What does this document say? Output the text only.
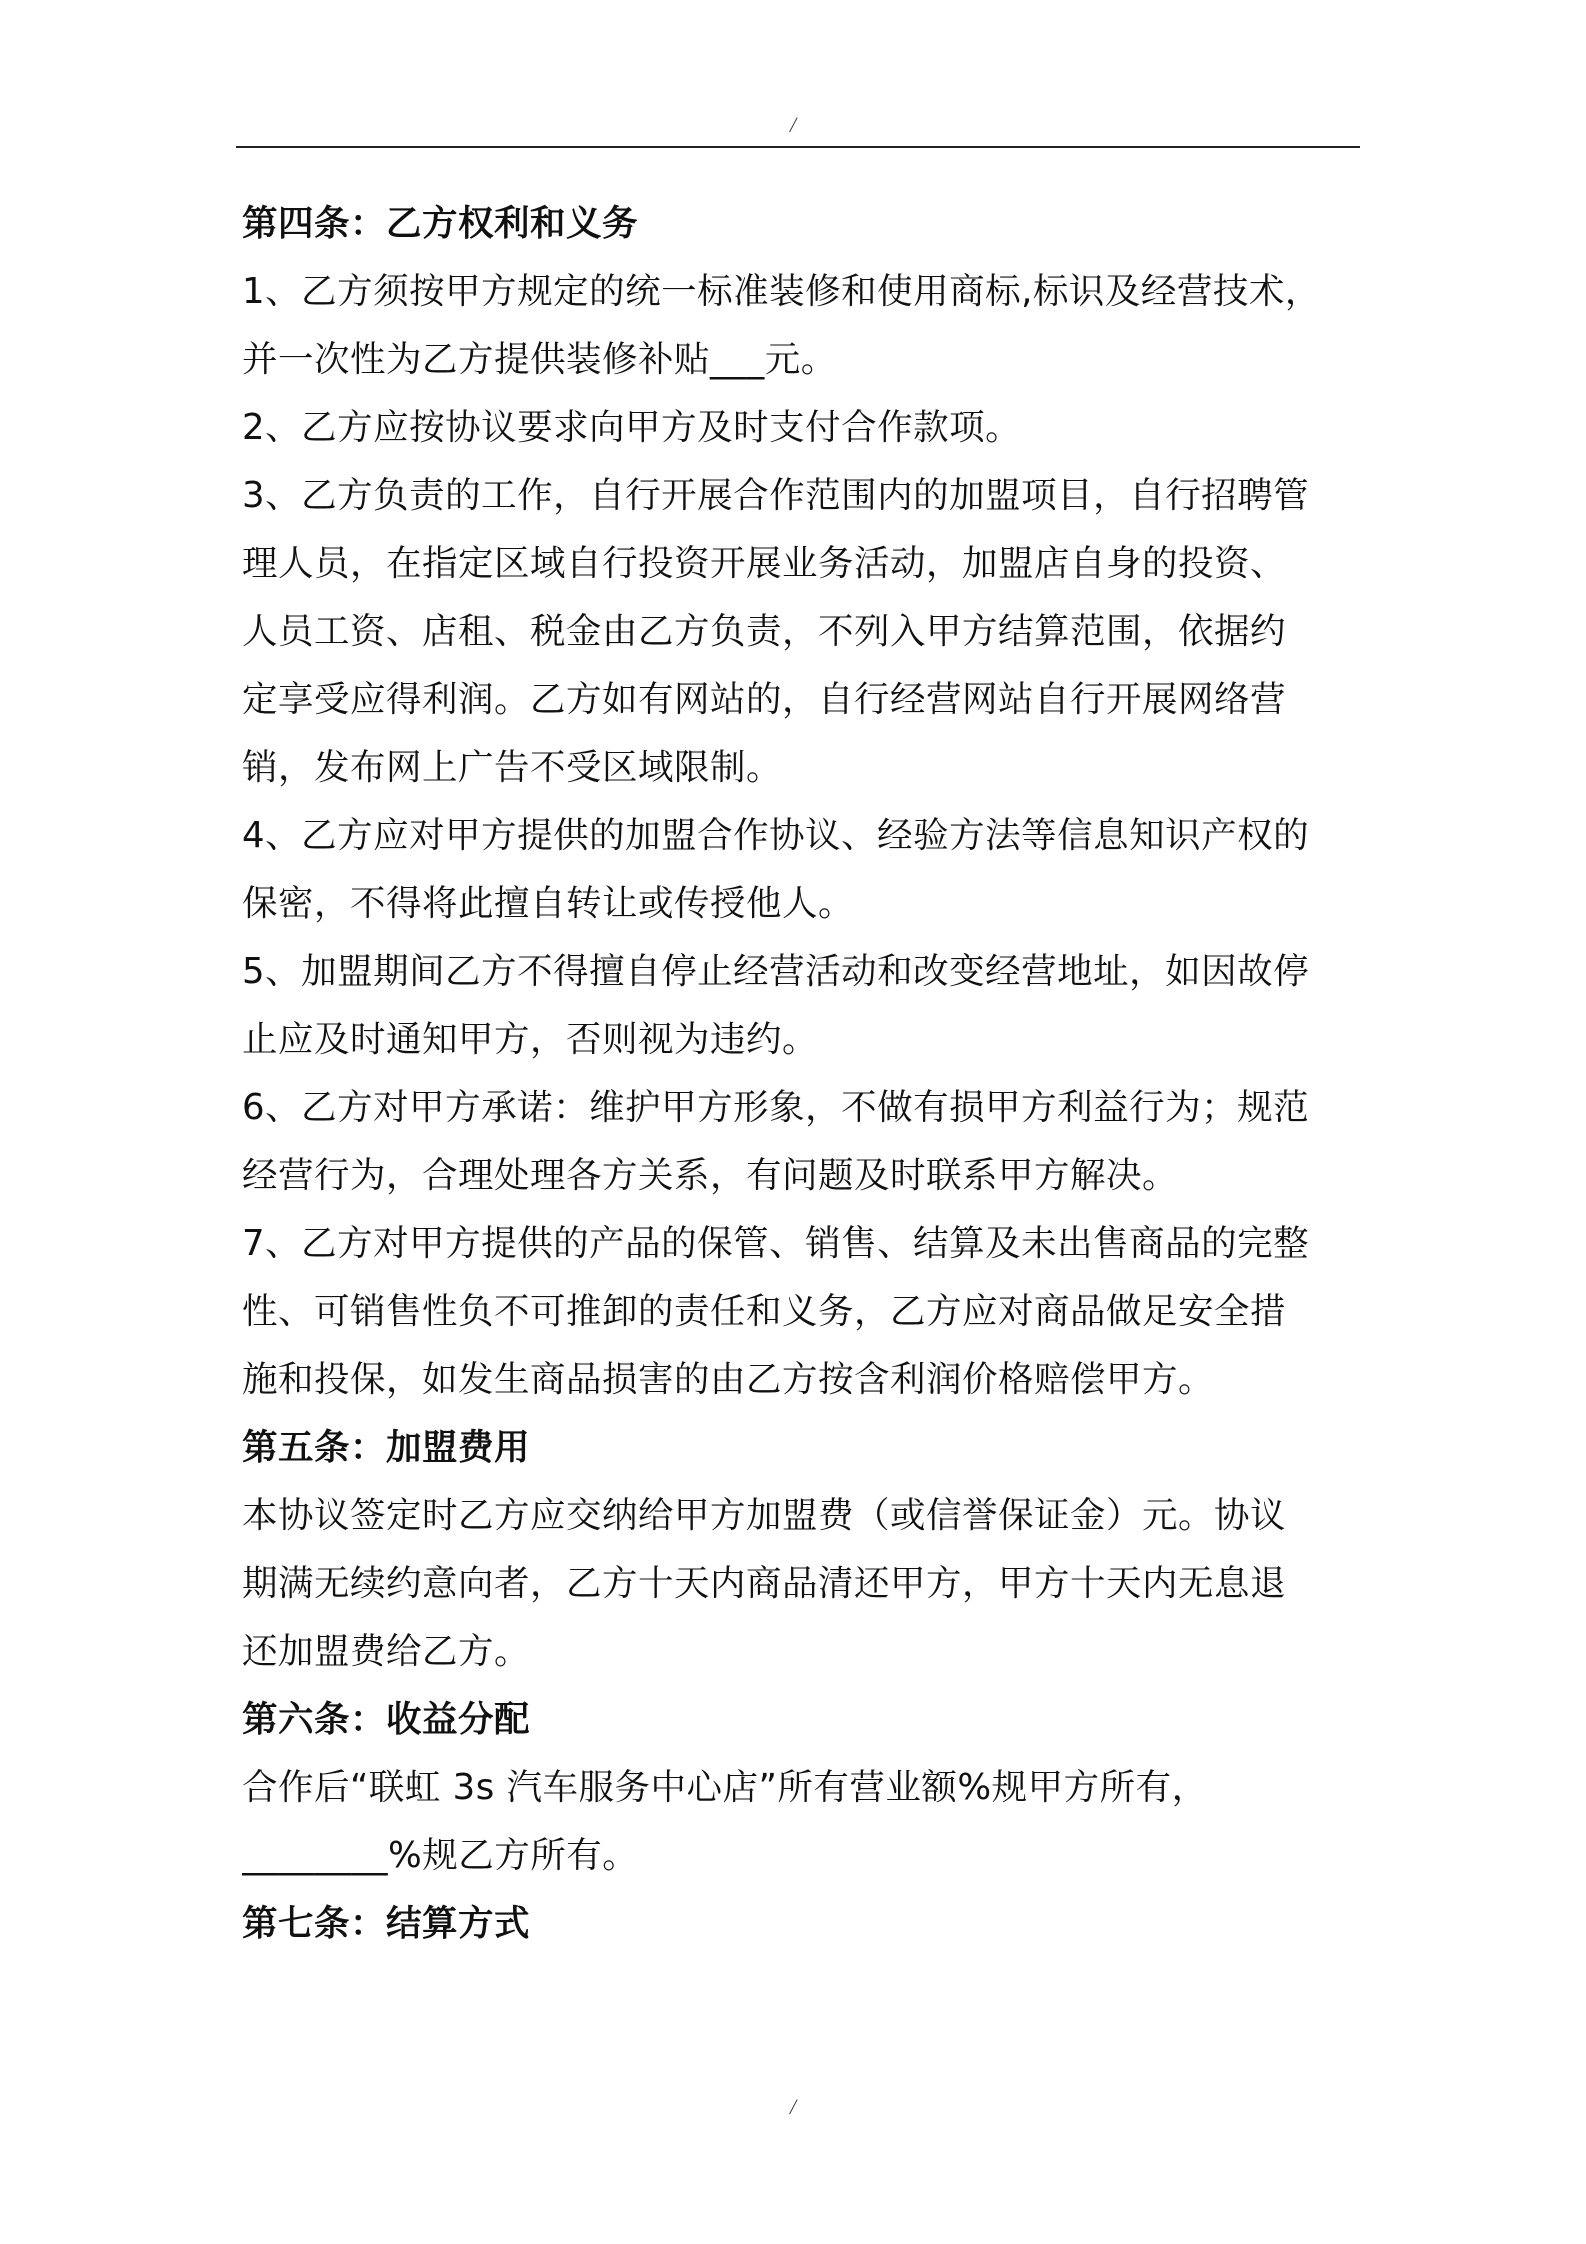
/
第四条：乙方权利和义务
1、乙方须按甲方规定的统一标准装修和使用商标,标识及经营技术，
并一次性为乙方提供装修补贴___元。
2、乙方应按协议要求向甲方及时支付合作款项。
3、乙方负责的工作，自行开展合作范围内的加盟项目，自行招聘管
理人员，在指定区域自行投资开展业务活动，加盟店自身的投资、
人员工资、店租、税金由乙方负责，不列入甲方结算范围，依据约
定享受应得利润。乙方如有网站的，自行经营网站自行开展网络营
销，发布网上广告不受区域限制。
4、乙方应对甲方提供的加盟合作协议、经验方法等信息知识产权的
保密，不得将此擅自转让或传授他人。
5、加盟期间乙方不得擅自停止经营活动和改变经营地址，如因故停
止应及时通知甲方，否则视为违约。
6、乙方对甲方承诺：维护甲方形象，不做有损甲方利益行为；规范
经营行为，合理处理各方关系，有问题及时联系甲方解决。
7、乙方对甲方提供的产品的保管、销售、结算及未出售商品的完整
性、可销售性负不可推卸的责任和义务，乙方应对商品做足安全措
施和投保，如发生商品损害的由乙方按含利润价格赔偿甲方。
第五条：加盟费用
本协议签定时乙方应交纳给甲方加盟费（或信誉保证金）元。协议
期满无续约意向者，乙方十天内商品清还甲方，甲方十天内无息退
还加盟费给乙方。
第六条：收益分配
合作后“联虹 3s 汽车服务中心店”所有营业额%规甲方所有，
________%规乙方所有。
第七条：结算方式
/
